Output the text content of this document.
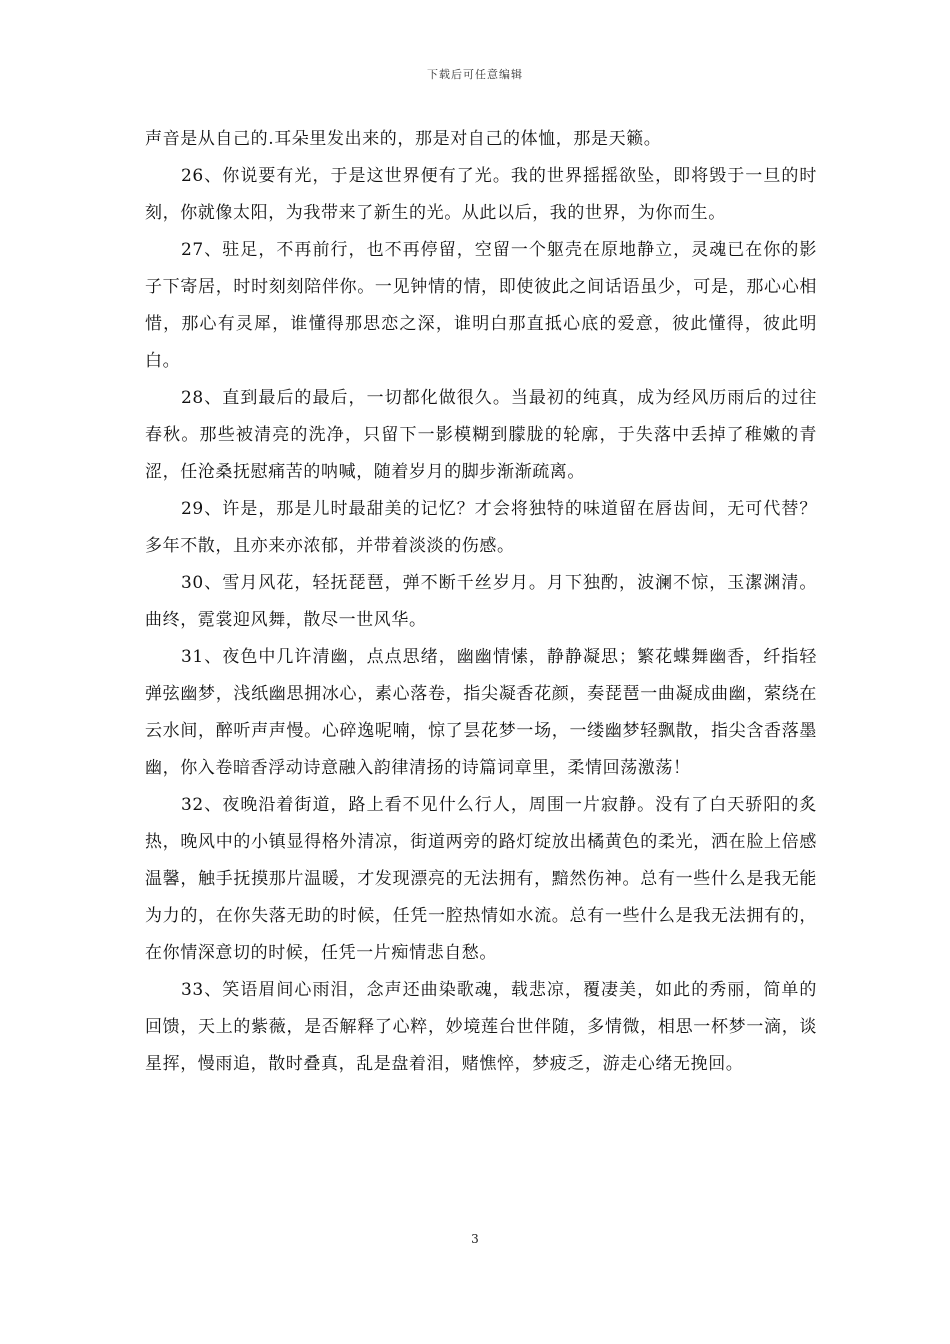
下载后可任意编辑

声音是从自己的.耳朵里发出来的，那是对自己的体恤，那是天籁。

26、你说要有光，于是这世界便有了光。我的世界摇摇欲坠，即将毁于一旦的时刻，你就像太阳，为我带来了新生的光。从此以后，我的世界，为你而生。

27、驻足，不再前行，也不再停留，空留一个躯壳在原地静立，灵魂已在你的影子下寄居，时时刻刻陪伴你。一见钟情的情，即使彼此之间话语虽少，可是，那心心相惜，那心有灵犀，谁懂得那思恋之深，谁明白那直抵心底的爱意，彼此懂得，彼此明白。

28、直到最后的最后，一切都化做很久。当最初的纯真，成为经风历雨后的过往春秋。那些被清亮的洗净，只留下一影模糊到朦胧的轮廓，于失落中丢掉了稚嫩的青涩，任沧桑抚慰痛苦的呐喊，随着岁月的脚步渐渐疏离。

29、许是，那是儿时最甜美的记忆？才会将独特的味道留在唇齿间，无可代替？多年不散，且亦来亦浓郁，并带着淡淡的伤感。

30、雪月风花，轻抚琵琶，弹不断千丝岁月。月下独酌，波澜不惊，玉潔渊清。曲终，霓裳迎风舞，散尽一世风华。

31、夜色中几许清幽，点点思绪，幽幽情愫，静静凝思；繁花蝶舞幽香，纤指轻弹弦幽梦，浅纸幽思拥冰心，素心落卷，指尖凝香花颜，奏琵琶一曲凝成曲幽，萦绕在云水间，醉听声声慢。心碎逸呢喃，惊了昙花梦一场，一缕幽梦轻飘散，指尖含香落墨幽，你入卷暗香浮动诗意融入韵律清扬的诗篇词章里，柔情回荡激荡！

32、夜晚沿着街道，路上看不见什么行人，周围一片寂静。没有了白天骄阳的炙热，晚风中的小镇显得格外清凉，街道两旁的路灯绽放出橘黄色的柔光，洒在脸上倍感温馨，触手抚摸那片温暖，才发现漂亮的无法拥有，黯然伤神。总有一些什么是我无能为力的，在你失落无助的时候，任凭一腔热情如水流。总有一些什么是我无法拥有的，在你情深意切的时候，任凭一片痴情悲自愁。

33、笑语眉间心雨泪，念声还曲染歌魂，载悲凉，覆凄美，如此的秀丽，简单的回馈，天上的紫薇，是否解释了心粹，妙境莲台世伴随，多情微，相思一杯梦一滴，谈星挥，慢雨追，散时叠真，乱是盘着泪，赌憔悴，梦疲乏，游走心绪无挽回。

3
